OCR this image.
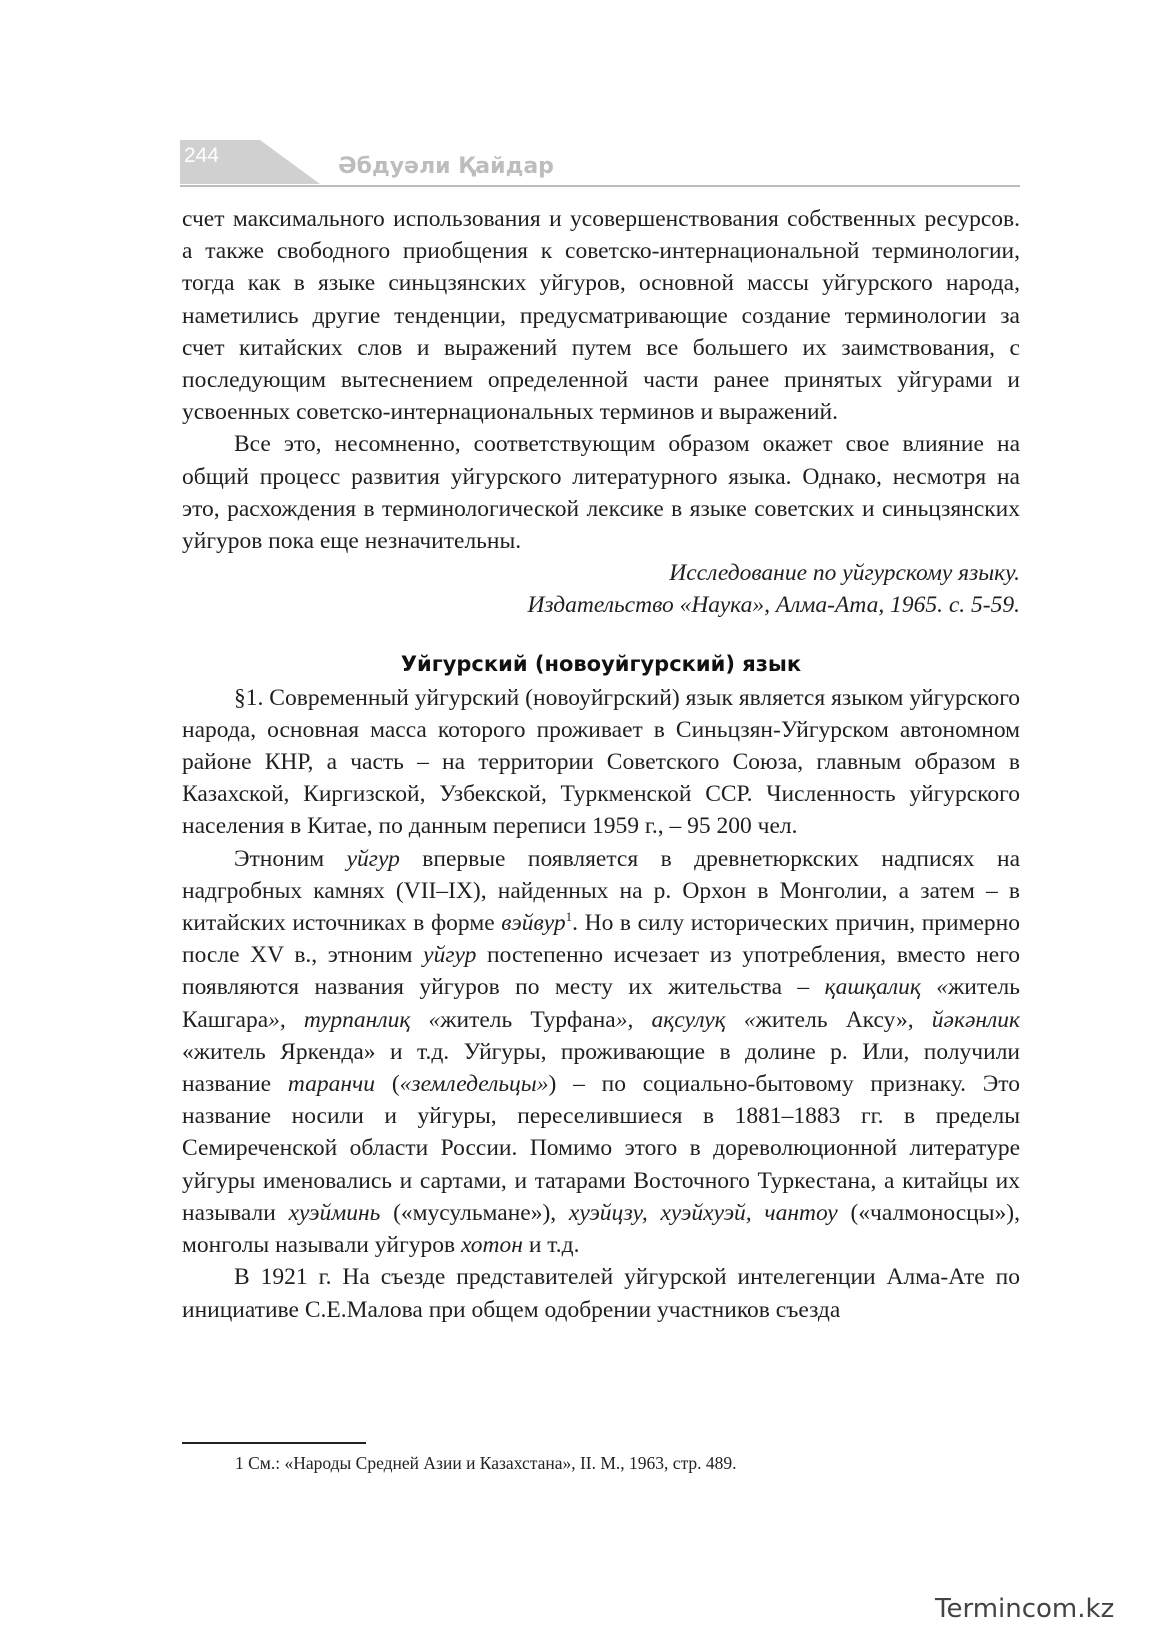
244	Әбдуәли Қайдар

счет максимального использования и усовершенствования собственных ресурсов. а также свободного приобщения к советско-интернациональной терминологии, тогда как в языке синьцзянских уйгуров, основной массы уйгурского народа, наметились другие тенденции, предусматривающие создание терминологии за счет китайских слов и выражений путем все большего их заимствования, с последующим вытеснением определенной части ранее принятых уйгурами и усвоенных советско-интернациональных терминов и выражений.

Все это, несомненно, соответствующим образом окажет свое влияние на общий процесс развития уйгурского литературного языка. Однако, несмотря на это, расхождения в терминологической лексике в языке советских и синьцзянских уйгуров пока еще незначительны.

Исследование по уйгурскому языку.

Издательство «Наука», Алма-Ата, 1965. с. 5-59.

Уйгурский (новоуйгурский) язык

§1. Современный уйгурский (новоуйгрский) язык является языком уйгурского народа, основная масса которого проживает в Синьцзян-Уйгурском автономном районе КНР, а часть – на территории Советского Союза, главным образом в Казахской, Киргизской, Узбекской, Туркменской ССР. Численность уйгурского населения в Китае, по данным переписи 1959 г., – 95 200 чел.

Этноним уйгур впервые появляется в древнетюркских надписях на надгробных камнях (VII–IX), найденных на р. Орхон в Монголии, а затем – в китайских источниках в форме вэйвур$^1$. Но в силу исторических причин, примерно после XV в., этноним уйгур постепенно исчезает из употребления, вместо него появляются названия уйгуров по месту их жительства – қашқалиқ «житель Кашгара», турпанлиқ «житель Турфана», ақсулуқ «житель Аксу», йәкәнлик «житель Яркенда» и т.д. Уйгуры, проживающие в долине р. Или, получили название таранчи («земледельцы») – по социально-бытовому признаку. Это название носили и уйгуры, переселившиеся в 1881–1883 гг. в пределы Семиреченской области России. Помимо этого в дореволюционной литературе уйгуры именовались и сартами, и татарами Восточного Туркестана, а китайцы их называли хуэйминь («мусульмане»), хуэйцзу, хуэйхуэй, чантоу («чалмоносцы»), монголы называли уйгуров хотон и т.д.

В 1921 г. На съезде представителей уйгурской интелегенции Алма-Ате по инициативе С.Е.Малова при общем одобрении участников съезда

1 См.: «Народы Средней Азии и Казахстана», II. М., 1963, стр. 489.
Termincom.kz
